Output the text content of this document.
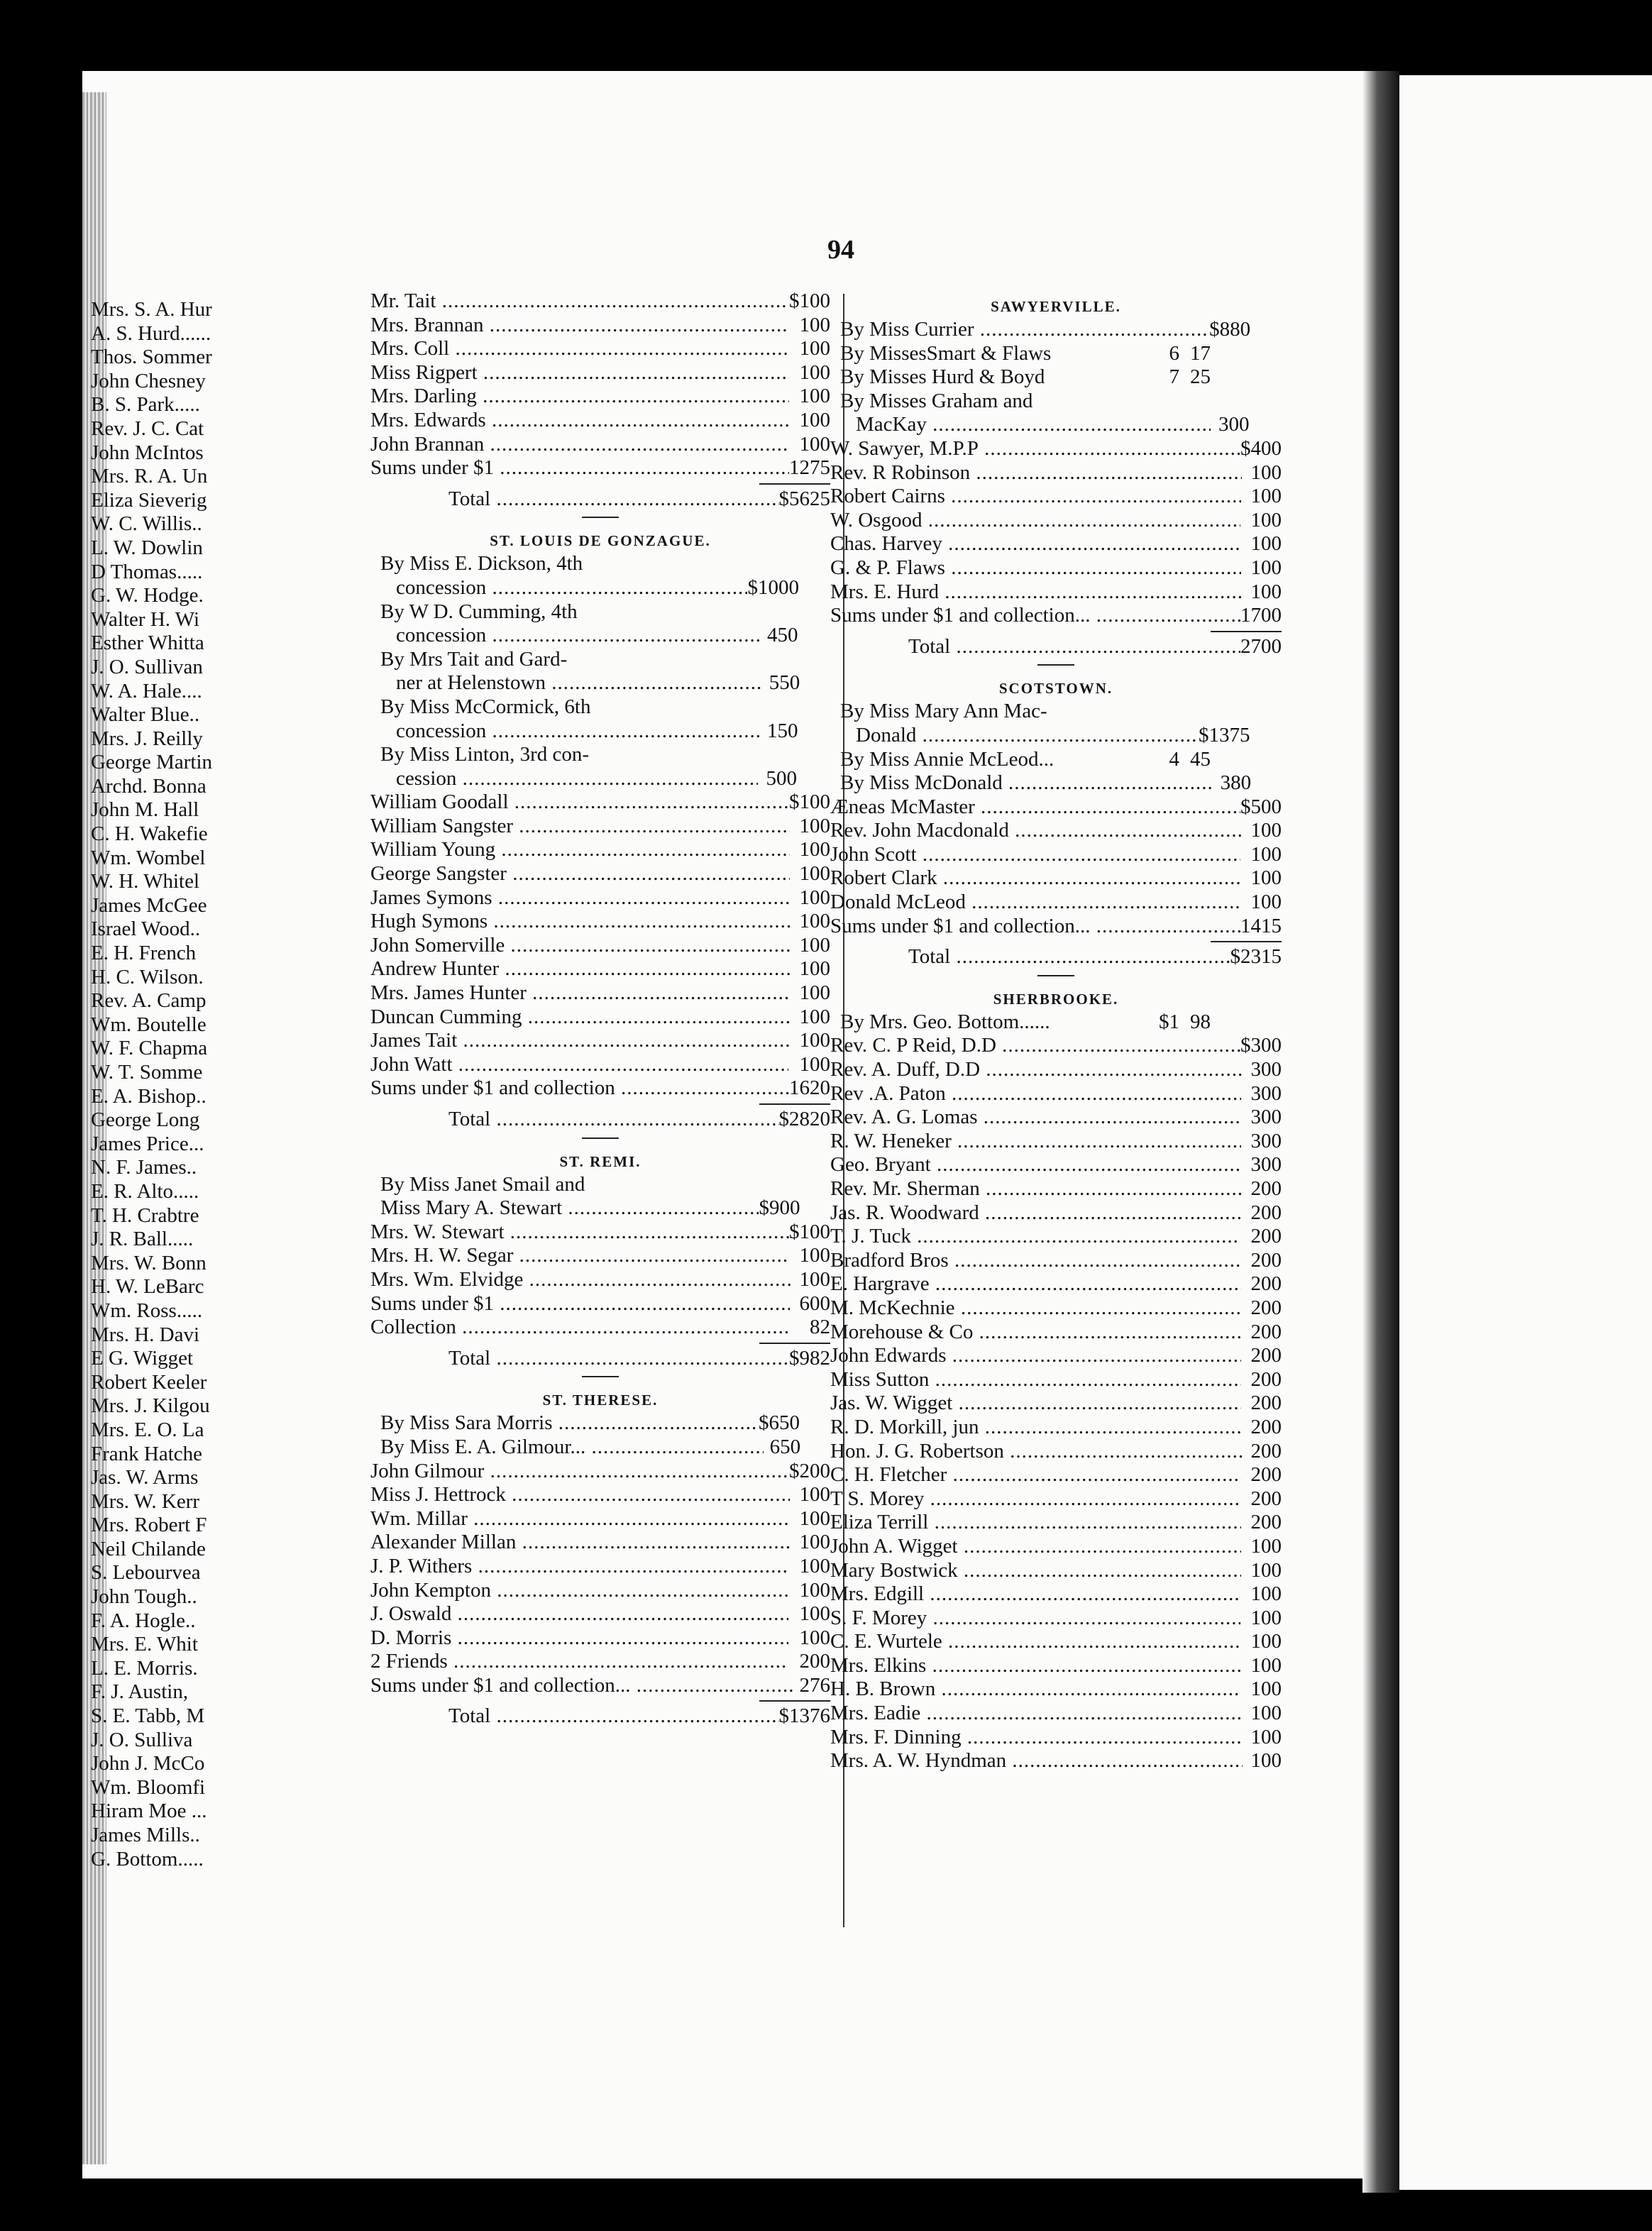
94
Mr. Tait .....	$1 00
Mrs. Brannan .....	1 00
Mrs. Coll .....	1 00
Miss Rigpert .....	1 00
Mrs. Darling .....	1 00
Mrs. Edwards .....	1 00
John Brannan .....	1 00
Sums under $1 .....	12 75
Total .....	$56 25
ST. LOUIS DE GONZAGUE.
By Miss E. Dickson, 4th
concession .....	$10 00
By W D. Cumming, 4th
concession .....	4 50
By Mrs Tait and Gard-
ner at Helenstown .....	5 50
By Miss McCormick, 6th
concession .....	1 50
By Miss Linton, 3rd con-
cession .....	5 00
William Goodall .....	$1 00
William Sangster .....	1 00
William Young .....	1 00
George Sangster .....	1 00
James Symons .....	1 00
Hugh Symons .....	1 00
John Somerville .....	1 00
Andrew Hunter .....	1 00
Mrs. James Hunter .....	1 00
Duncan Cumming .....	1 00
James Tait .....	1 00
John Watt .....	1 00
Sums under $1 and collection .....	16 20
Total .....	$28 20
ST. REMI.
By Miss Janet Smail and
Miss Mary A. Stewart .....	$9 00
Mrs. W. Stewart .....	$1 00
Mrs. H. W. Segar .....	1 00
Mrs. Wm. Elvidge .....	1 00
Sums under $1 .....	6 00
Collection .....	82
Total .....	$9 82
ST. THERESE.
By Miss Sara Morris .....	$6 50
By Miss E. A. Gilmour... .....	6 50
John Gilmour .....	$2 00
Miss J. Hettrock .....	1 00
Wm. Millar .....	1 00
Alexander Millan .....	1 00
J. P. Withers .....	1 00
John Kempton .....	1 00
J. Oswald .....	1 00
D. Morris .....	1 00
2 Friends .....	2 00
Sums under $1 and collection... .....	2 76
Total .....	$13 76
SAWYERVILLE.
By Miss Currier .....	$8 80
By MissesSmart & Flaws	6 17
By Misses Hurd & Boyd	7 25
By Misses Graham and
MacKay .....	3 00
W. Sawyer, M.P.P .....	$4 00
Rev. R Robinson .....	1 00
Robert Cairns .....	1 00
W. Osgood .....	1 00
Chas. Harvey .....	1 00
G. & P. Flaws .....	1 00
Mrs. E. Hurd .....	1 00
Sums under $1 and collection... .....	17 00
Total .....	27 00
SCOTSTOWN.
By Miss Mary Ann Mac-
Donald .....	$13 75
By Miss Annie McLeod...	4 45
By Miss McDonald .....	3 80
Æneas McMaster .....	$5 00
Rev. John Macdonald .....	1 00
John Scott .....	1 00
Robert Clark .....	1 00
Donald McLeod .....	1 00
Sums under $1 and collection... .....	14 15
Total .....	$23 15
SHERBROOKE.
By Mrs. Geo. Bottom......	$1 98
Rev. C. P Reid, D.D .....	$3 00
Rev. A. Duff, D.D .....	3 00
Rev .A. Paton .....	3 00
Rev. A. G. Lomas .....	3 00
R. W. Heneker .....	3 00
Geo. Bryant .....	3 00
Rev. Mr. Sherman .....	2 00
Jas. R. Woodward .....	2 00
T. J. Tuck .....	2 00
Bradford Bros .....	2 00
E. Hargrave .....	2 00
M. McKechnie .....	2 00
Morehouse & Co .....	2 00
John Edwards .....	2 00
Miss Sutton .....	2 00
Jas. W. Wigget .....	2 00
R. D. Morkill, jun .....	2 00
Hon. J. G. Robertson .....	2 00
C. H. Fletcher .....	2 00
T S. Morey .....	2 00
Eliza Terrill .....	2 00
John A. Wigget .....	1 00
Mary Bostwick .....	1 00
Mrs. Edgill .....	1 00
S. F. Morey .....	1 00
C. E. Wurtele .....	1 00
Mrs. Elkins .....	1 00
H. B. Brown .....	1 00
Mrs. Eadie .....	1 00
Mrs. F. Dinning .....	1 00
Mrs. A. W. Hyndman .....	1 00
Mrs. S. A. Hur
A. S. Hurd......
Thos. Sommer
John Chesney
B. S. Park.....
Rev. J. C. Cat
John McIntos
Mrs. R. A. Un
Eliza Sieverig
W. C. Willis..
L. W. Dowlin
D Thomas.....
G. W. Hodge.
Walter H. Wi
Esther Whitta
J. O. Sullivan
W. A. Hale....
Walter Blue..
Mrs. J. Reilly
George Martin
Archd. Bonna
John M. Hall
C. H. Wakefie
Wm. Wombel
W. H. Whitel
James McGee
Israel Wood..
E. H. French
H. C. Wilson.
Rev. A. Camp
Wm. Boutelle
W. F. Chapma
W. T. Somme
E. A. Bishop..
George Long
James Price...
N. F. James..
E. R. Alto.....
T. H. Crabtre
J. R. Ball.....
Mrs. W. Bonn
H. W. LeBarc
Wm. Ross.....
Mrs. H. Davi
E G. Wigget
Robert Keeler
Mrs. J. Kilgou
Mrs. E. O. La
Frank Hatche
Jas. W. Arms
Mrs. W. Kerr
Mrs. Robert F
Neil Chilande
S. Lebourvea
John Tough..
F. A. Hogle..
Mrs. E. Whit
L. E. Morris.
F. J. Austin,
S. E. Tabb, M
J. O. Sulliva
John J. McCo
Wm. Bloomfi
Hiram Moe ...
James Mills..
G. Bottom.....
